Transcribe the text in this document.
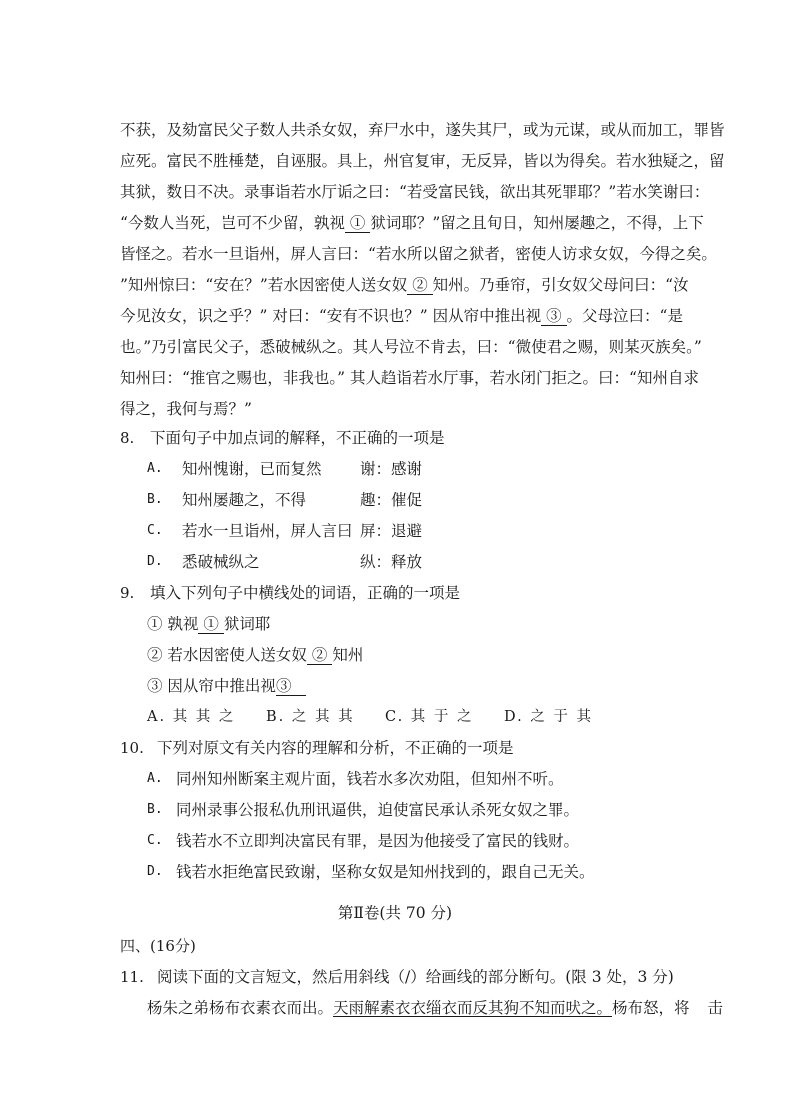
不获，及劾富民父子数人共杀女奴，弃尸水中，遂失其尸，或为元谋，或从而加工，罪皆
应死。富民不胜棰楚，自诬服。具上，州官复审，无反异，皆以为得矣。若水独疑之，留
其狱，数日不决。录事诣若水厅诟之曰：“若受富民钱，欲出其死罪耶？”若水笑谢曰：
“今数人当死，岂可不少留，孰视 ① 狱词耶？”留之且旬日，知州屡趣之，不得，上下
皆怪之。若水一旦诣州，屏人言曰：“若水所以留之狱者，密使人访求女奴，今得之矣。
”知州惊曰：“安在？”若水因密使人送女奴 ② 知州。乃垂帘，引女奴父母问曰：“汝
今见汝女，识之乎？” 对曰：“安有不识也？” 因从帘中推出视 ③ 。父母泣曰：“是
也。”乃引富民父子，悉破械纵之。其人号泣不肯去，曰：“微使君之赐，则某灭族矣。”
知州曰：“推官之赐也，非我也。” 其人趋诣若水厅事，若水闭门拒之。曰：“知州自求
得之，我何与焉？”
8. 下面句子中加点词的解释，不正确的一项是
A. 知州愧谢，已而复然 谢：感谢
B. 知州屡趣之，不得	趣：催促
C. 若水一旦诣州，屏人言曰 屏：退避
D. 悉破械纵之	纵：释放
9. 填入下列句子中横线处的词语，正确的一项是
① 孰视 ① 狱词耶
② 若水因密使人送女奴 ② 知州
③ 因从帘中推出视③
A. 其 其 之 B. 之 其 其 C. 其 于 之 D. 之 于 其
10. 下列对原文有关内容的理解和分析，不正确的一项是
A. 同州知州断案主观片面，钱若水多次劝阻，但知州不听。
B. 同州录事公报私仇刑讯逼供，迫使富民承认杀死女奴之罪。
C. 钱若水不立即判决富民有罪，是因为他接受了富民的钱财。
D. 钱若水拒绝富民致谢，坚称女奴是知州找到的，跟自己无关。
第Ⅱ卷(共 70 分)
四、(16分)
11. 阅读下面的文言短文，然后用斜线（/）给画线的部分断句。(限 3 处，3 分)
杨朱之弟杨布衣素衣而出。天雨解素衣衣缁衣而反其狗不知而吠之。杨布怒，将 击
